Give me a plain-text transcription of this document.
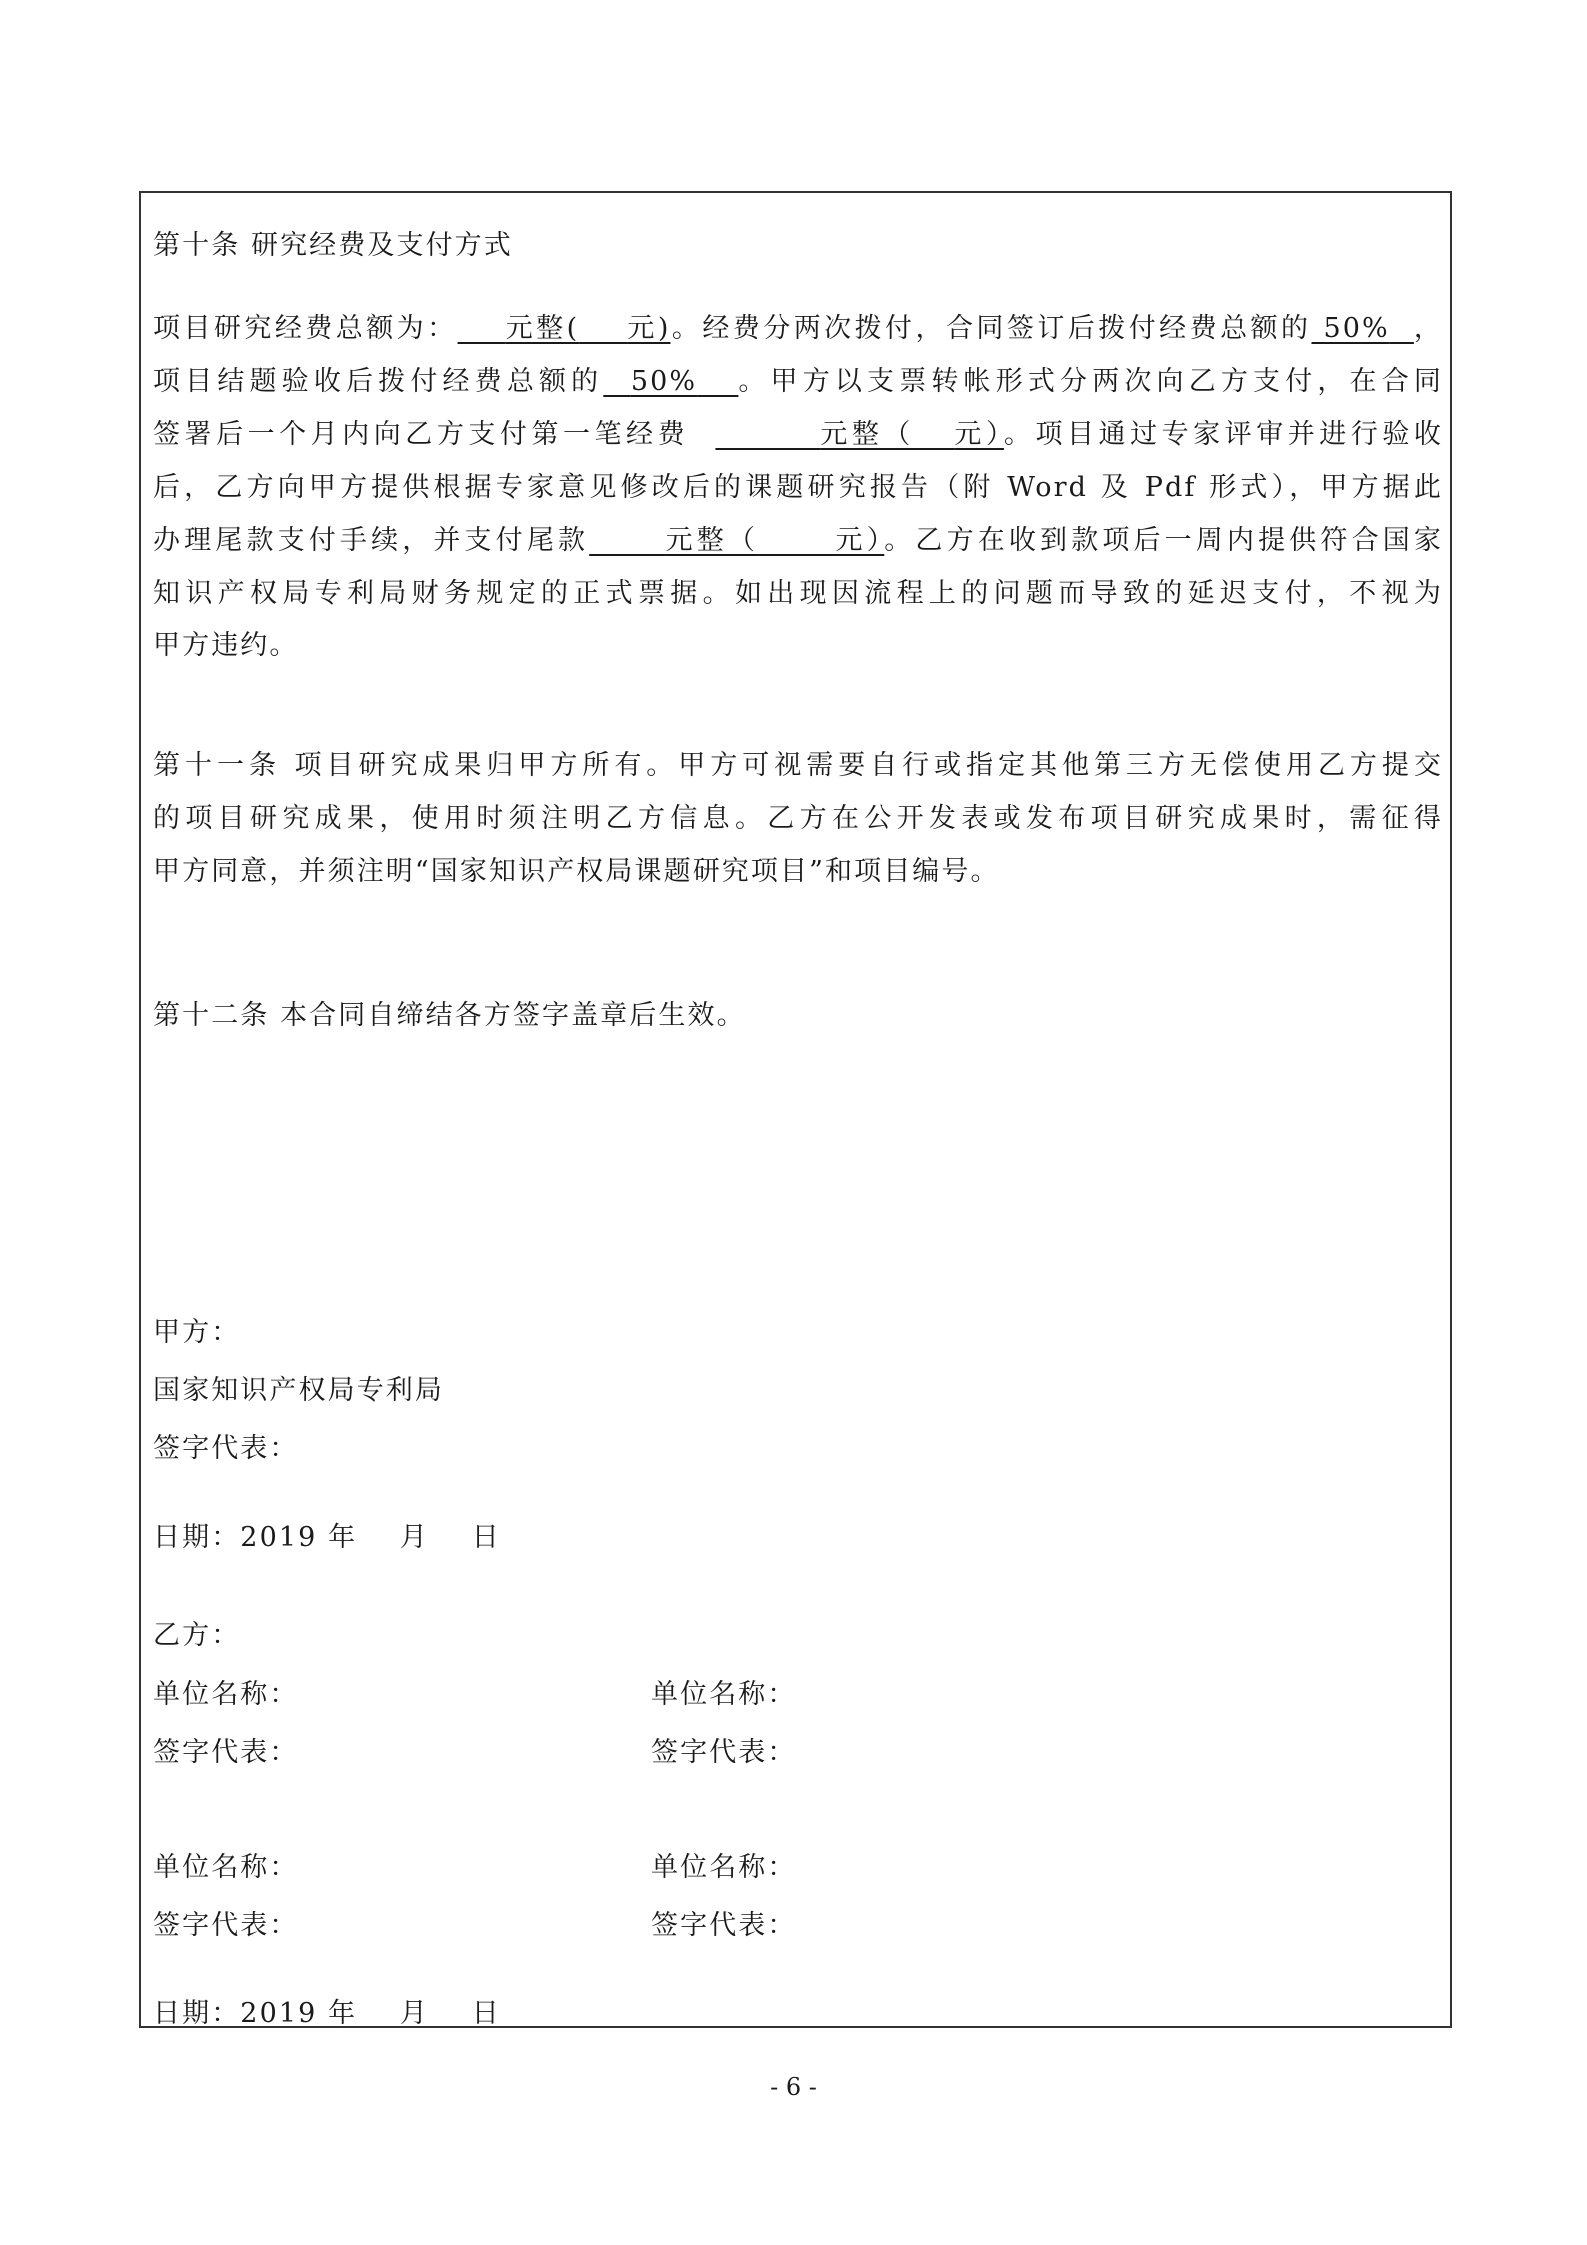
第十条 研究经费及支付方式
项目研究经费总额为： 元整( 元)。经费分两次拨付，合同签订后拨付经费总额的 50% ，
项目结题验收后拨付经费总额的 50% 。甲方以支票转帐形式分两次向乙方支付，在合同
签署后一个月内向乙方支付第一笔经费	元整（ 元）。项目通过专家评审并进行验收
后，乙方向甲方提供根据专家意见修改后的课题研究报告（附 Word 及 Pdf 形式），甲方据此
办理尾款支付手续，并支付尾款	元整（	元）。乙方在收到款项后一周内提供符合国家
知识产权局专利局财务规定的正式票据。如出现因流程上的问题而导致的延迟支付，不视为
甲方违约。
第十一条 项目研究成果归甲方所有。甲方可视需要自行或指定其他第三方无偿使用乙方提交
的项目研究成果，使用时须注明乙方信息。乙方在公开发表或发布项目研究成果时，需征得
甲方同意，并须注明“国家知识产权局课题研究项目”和项目编号。
第十二条 本合同自缔结各方签字盖章后生效。
甲方：
国家知识产权局专利局
签字代表：
日期：2019 年    月    日
乙方：
单位名称：	单位名称：
签字代表：	签字代表：
单位名称：	单位名称：
签字代表：	签字代表：
日期：2019 年    月    日
- 6 -
